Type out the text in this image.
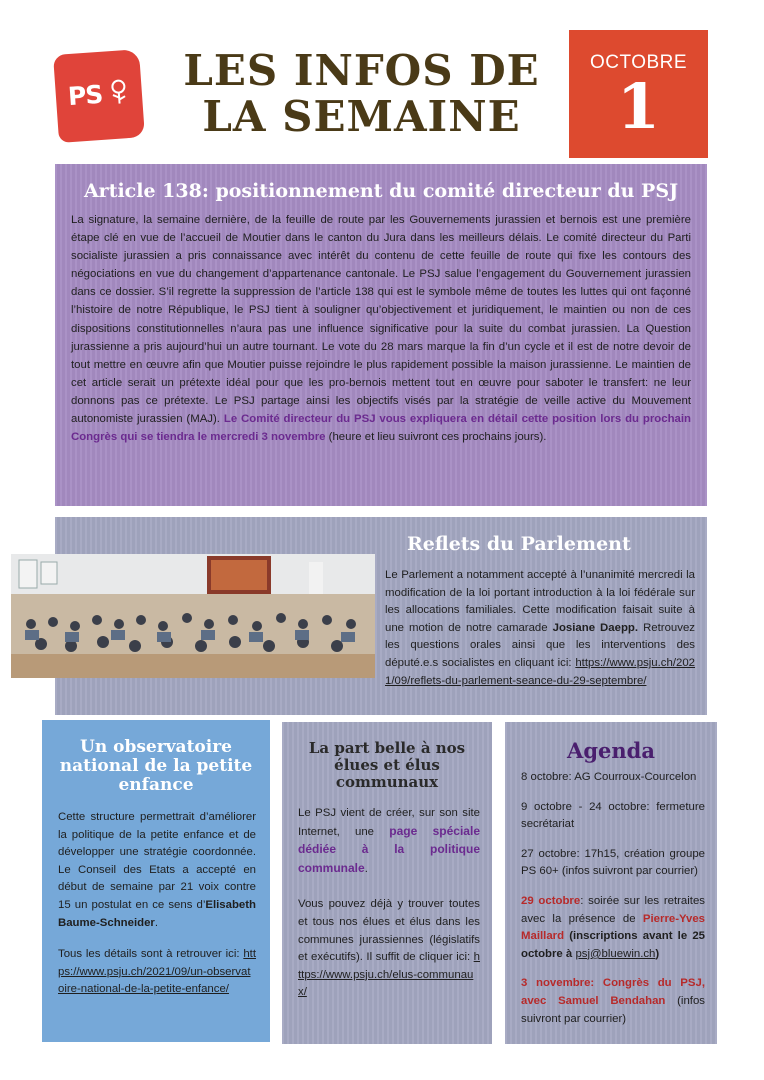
PS
LES INFOS DE
LA SEMAINE
OCTOBRE
1
Article 138: positionnement du comité directeur du PSJ

La signature, la semaine dernière, de la feuille de route par les Gouvernements jurassien et bernois est une première étape clé en vue de l’accueil de Moutier dans le canton du Jura dans les meilleurs délais. Le comité directeur du Parti socialiste jurassien a pris connaissance avec intérêt du contenu de cette feuille de route qui fixe les contours des négociations en vue du changement d’appartenance cantonale. Le PSJ salue l’engagement du Gouvernement jurassien dans ce dossier. S’il regrette la suppression de l’article 138 qui est le symbole même de toutes les luttes qui ont façonné l’histoire de notre République, le PSJ tient à souligner qu’objectivement et juridiquement, le maintien ou non de ces dispositions constitutionnelles n’aura pas une influence significative pour la suite du combat jurassien. La Question jurassienne a pris aujourd’hui un autre tournant. Le vote du 28 mars marque la fin d’un cycle et il est de notre devoir de tout mettre en œuvre afin que Moutier puisse rejoindre le plus rapidement possible la maison jurassienne. Le maintien de cet article serait un prétexte idéal pour que les pro-bernois mettent tout en œuvre pour saboter le transfert: ne leur donnons pas ce prétexte. Le PSJ partage ainsi les objectifs visés par la stratégie de veille active du Mouvement autonomiste jurassien (MAJ). Le Comité directeur du PSJ vous expliquera en détail cette position lors du prochain Congrès qui se tiendra le mercredi 3 novembre (heure et lieu suivront ces prochains jours).

Reflets du Parlement

Le Parlement a notamment accepté à l’unanimité mercredi la modification de la loi portant introduction à la loi fédérale sur les allocations familiales. Cette modification faisait suite à une motion de notre camarade Josiane Daepp. Retrouvez les questions orales ainsi que les interventions des député.e.s socialistes en cliquant ici: https://www.psju.ch/2021/09/reflets-du-parlement-seance-du-29-septembre/

Un observatoire national de la petite enfance

Cette structure permettrait d’améliorer la politique de la petite enfance et de développer une stratégie coordonnée. Le Conseil des Etats a accepté en début de semaine par 21 voix contre 15 un postulat en ce sens d’Elisabeth Baume-Schneider.

Tous les détails sont à retrouver ici: https://www.psju.ch/2021/09/un-observatoire-national-de-la-petite-enfance/

La part belle à nos élues et élus communaux

Le PSJ vient de créer, sur son site Internet, une page spéciale dédiée à la politique communale.

Vous pouvez déjà y trouver toutes et tous nos élues et élus dans les communes jurassiennes (législatifs et exécutifs). Il suffit de cliquer ici: https://www.psju.ch/elus-communaux/

Agenda

8 octobre: AG Courroux-Courcelon

9 octobre - 24 octobre: fermeture secrétariat

27 octobre: 17h15, création groupe PS 60+ (infos suivront par courrier)

29 octobre: soirée sur les retraites avec la présence de Pierre-Yves Maillard (inscriptions avant le 25 octobre à psj@bluewin.ch)

3 novembre: Congrès du PSJ, avec Samuel Bendahan (infos suivront par courrier)
